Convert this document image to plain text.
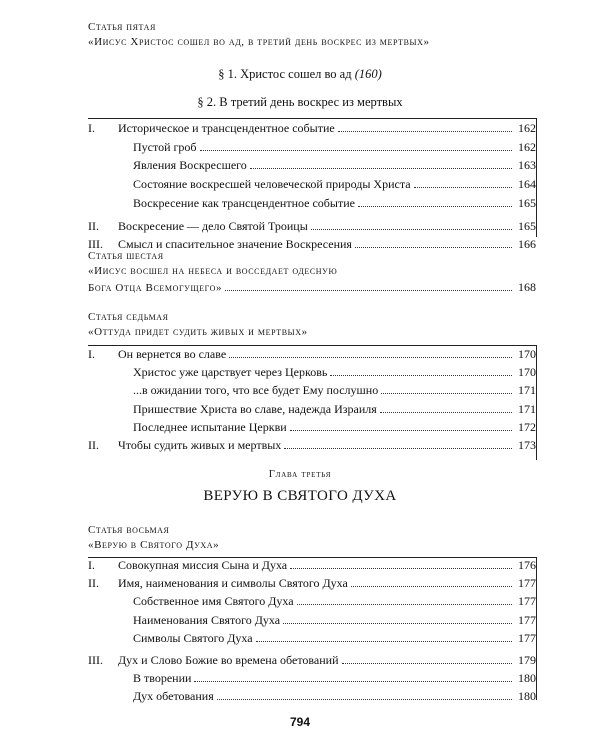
Статья пятая
«Иисус Христос сошел во ад, в третий день воскрес из мертвых»
§ 1. Христос сошел во ад (160)
§ 2. В третий день воскрес из мертвых
I.	Историческое и трансцендентное событие	162
Пустой гроб	162
Явления Воскресшего	163
Состояние воскресшей человеческой природы Христа	164
Воскресение как трансцендентное событие	165
II.	Воскресение — дело Святой Троицы	165
III.	Смысл и спасительное значение Воскресения	166
Статья шестая
«Иисус восшел на небеса и восседает одесную
Бога Отца Всемогущего»	168
Статья седьмая
«Оттуда придет судить живых и мертвых»
I.	Он вернется во славе	170
Христос уже царствует через Церковь	170
...в ожидании того, что все будет Ему послушно	171
Пришествие Христа во славе, надежда Израиля	171
Последнее испытание Церкви	172
II.	Чтобы судить живых и мертвых	173
Глава третья
ВЕРУЮ В СВЯТОГО ДУХА
Статья восьмая
«Верую в Святого Духа»
I.	Совокупная миссия Сына и Духа	176
II.	Имя, наименования и символы Святого Духа	177
Собственное имя Святого Духа	177
Наименования Святого Духа	177
Символы Святого Духа	177
III.	Дух и Слово Божие во времена обетований	179
В творении	180
Дух обетования	180
794
